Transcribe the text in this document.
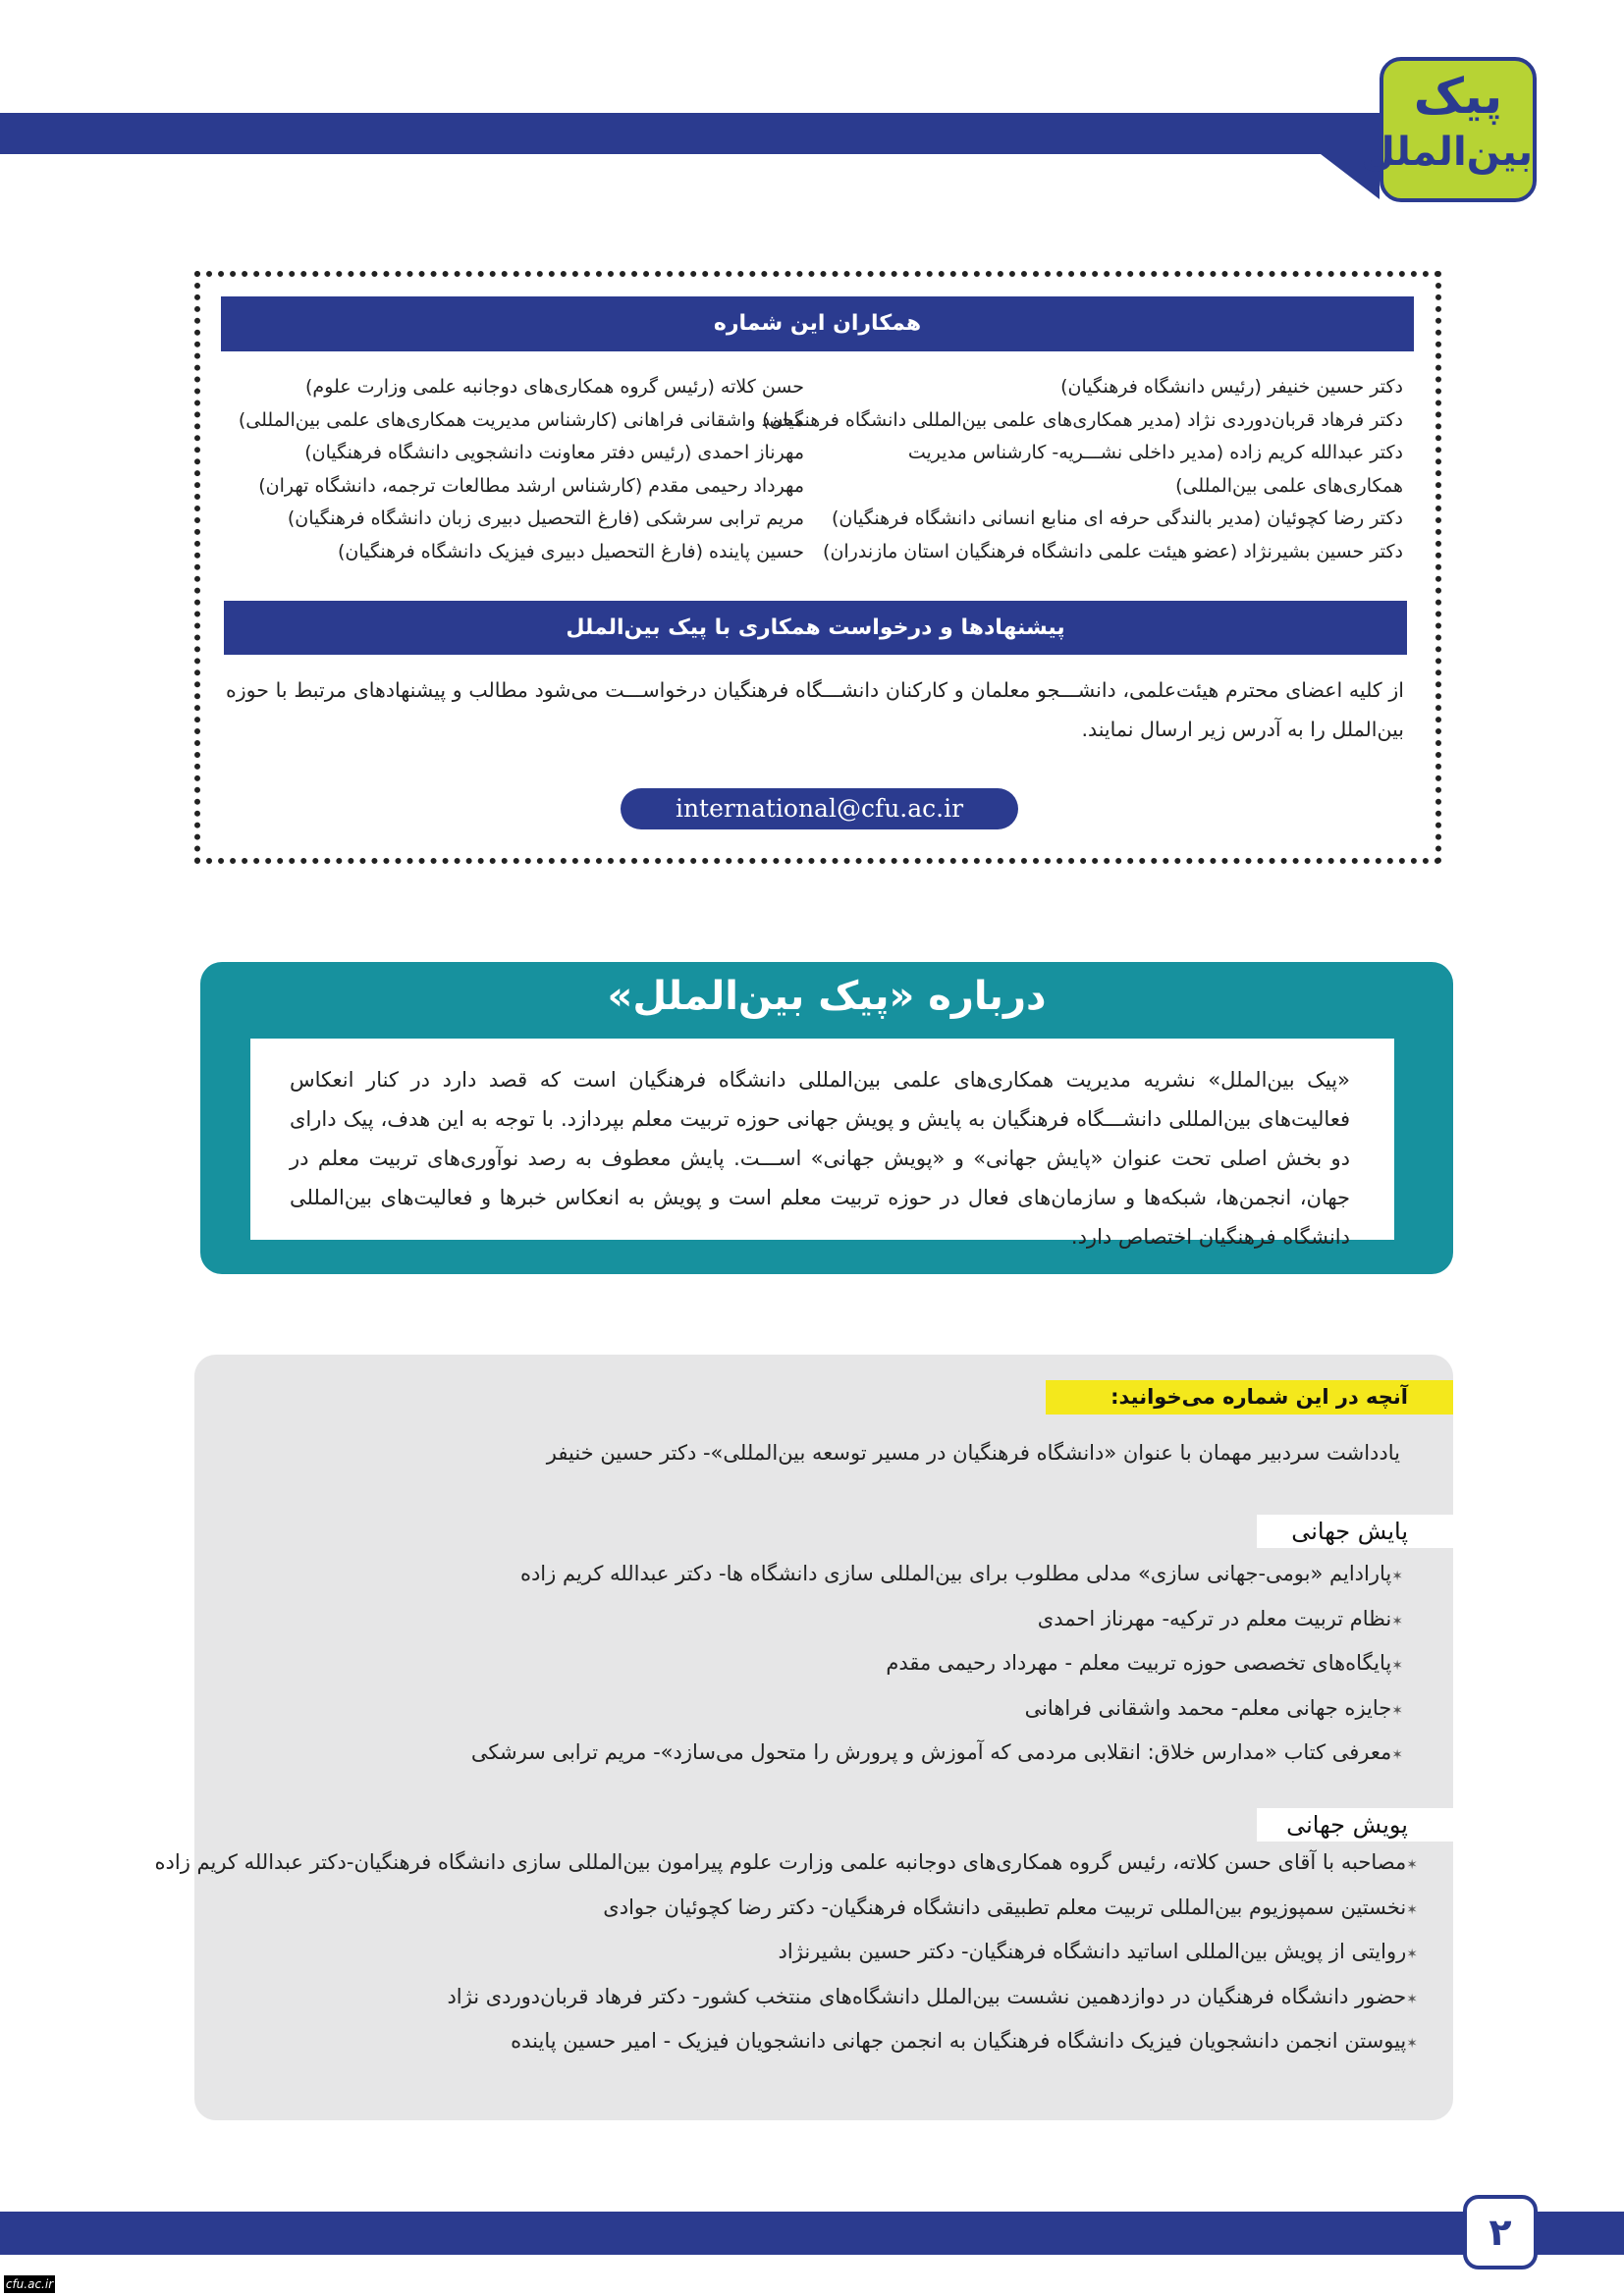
پیک
بین‌الملل
همکاران این شماره
دکتر حسین خنیفر (رئیس دانشگاه فرهنگیان)
دکتر فرهاد قربان‌دوردی نژاد (مدیر همکاری‌های علمی بین‌المللی دانشگاه فرهنگیان)
دکتر عبدالله کریم زاده (مدیر داخلی نشـــریه- کارشناس مدیریت همکاری‌های علمی بین‌المللی)
دکتر رضا کچوئیان (مدیر بالندگی حرفه ای منابع انسانی دانشگاه فرهنگیان)
دکتر حسین بشیرنژاد (عضو هیئت علمی دانشگاه فرهنگیان استان مازندران)
حسن کلاته (رئیس گروه همکاری‌های دوجانبه علمی وزارت علوم)
محمد واشقانی فراهانی (کارشناس مدیریت همکاری‌های علمی بین‌المللی)
مهرناز احمدی (رئیس دفتر معاونت دانشجویی دانشگاه فرهنگیان)
مهرداد رحیمی مقدم (کارشناس ارشد مطالعات ترجمه، دانشگاه تهران)
مریم ترابی سرشکی (فارغ التحصیل دبیری زبان دانشگاه فرهنگیان)
حسین پاینده (فارغ التحصیل دبیری فیزیک دانشگاه فرهنگیان)
پیشنهادها و درخواست همکاری با پیک بین‌الملل
از کلیه اعضای محترم هیئت‌علمی، دانشـــجو معلمان و کارکنان دانشـــگاه فرهنگیان درخواســـت می‌شود مطالب و پیشنهادهای مرتبط با حوزه بین‌الملل را به آدرس زیر ارسال نمایند.
international@cfu.ac.ir
درباره «پیک بین‌الملل»
«پیک بین‌الملل» نشریه مدیریت همکاری‌های علمی بین‌المللی دانشگاه فرهنگیان است که قصد دارد در کنار انعکاس فعالیت‌های بین‌المللی دانشـــگاه فرهنگیان به پایش و پویش جهانی حوزه تربیت معلم بپردازد. با توجه به این هدف، پیک دارای دو بخش اصلی تحت عنوان «پایش جهانی» و «پویش جهانی» اســـت. پایش معطوف به رصد نوآوری‌های تربیت معلم در جهان، انجمن‌ها، شبکه‌ها و سازمان‌های فعال در حوزه تربیت معلم است و پویش به انعکاس خبرها و فعالیت‌های بین‌المللی دانشگاه فرهنگیان اختصاص دارد.
آنچه در این شماره می‌خوانید:
یادداشت سردبیر مهمان با عنوان «دانشگاه فرهنگیان در مسیر توسعه بین‌المللی»- دکتر حسین خنیفر
پایش جهانی
✶ پارادایم «بومی-جهانی سازی» مدلی مطلوب برای بین‌المللی سازی دانشگاه ها- دکتر عبدالله کریم زاده
✶ نظام تربیت معلم در ترکیه- مهرناز احمدی
✶ پایگاه‌های تخصصی حوزه تربیت معلم - مهرداد رحیمی مقدم
✶ جایزه جهانی معلم- محمد واشقانی فراهانی
✶ معرفی کتاب «مدارس خلاق: انقلابی مردمی که آموزش و پرورش را متحول می‌سازد»- مریم ترابی سرشکی
پویش جهانی
✶ مصاحبه با آقای حسن کلاته، رئیس گروه همکاری‌های دوجانبه علمی وزارت علوم پیرامون بین‌المللی سازی دانشگاه فرهنگیان-دکتر عبدالله کریم زاده
✶ نخستین سمپوزیوم بین‌المللی تربیت معلم تطبیقی دانشگاه فرهنگیان- دکتر رضا کچوئیان جوادی
✶ روایتی از پویش بین‌المللی اساتید دانشگاه فرهنگیان- دکتر حسین بشیرنژاد
✶ حضور دانشگاه فرهنگیان در دوازدهمین نشست بین‌الملل دانشگاه‌های منتخب کشور- دکتر فرهاد قربان‌دوردی نژاد
✶ پیوستن انجمن دانشجویان فیزیک دانشگاه فرهنگیان به انجمن جهانی دانشجویان فیزیک - امیر حسین پاینده
۲
cfu.ac.ir
